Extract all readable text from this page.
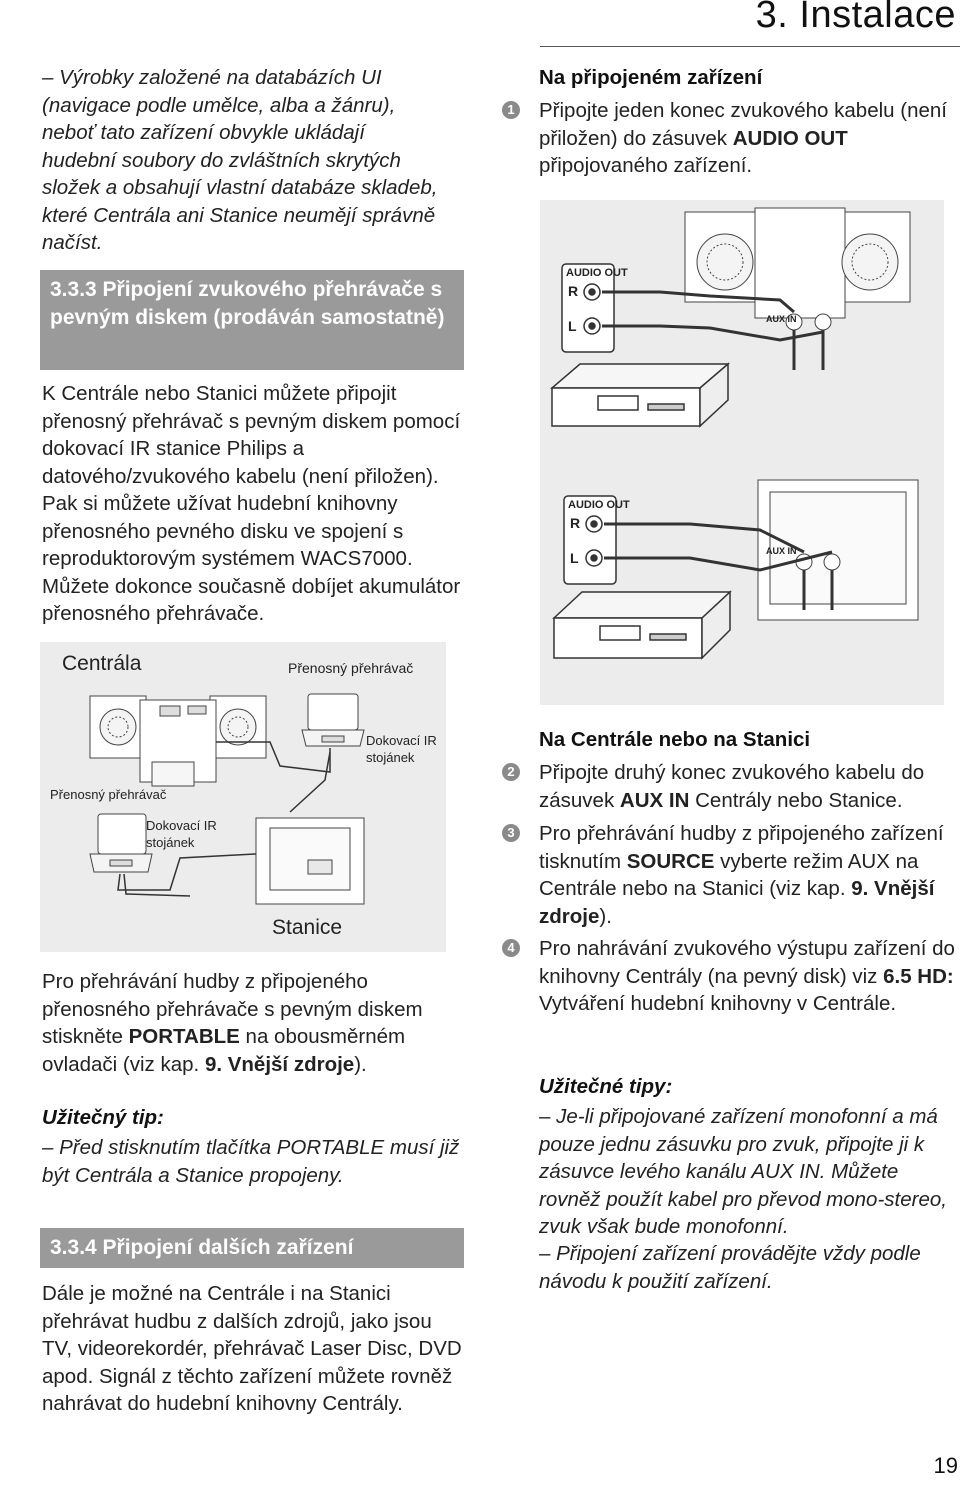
3. Instalace
– Výrobky založené na databázích UI (navigace podle umělce, alba a žánru), neboť tato zařízení obvykle ukládají hudební soubory do zvláštních skrytých složek a obsahují vlastní databáze skladeb, které Centrála ani Stanice neumějí správně načíst.
3.3.3 Připojení zvukového přehrávače s pevným diskem (prodáván samostatně)
K Centrále nebo Stanici můžete připojit přenosný přehrávač s pevným diskem pomocí dokovací IR stanice Philips a datového/zvukového kabelu (není přiložen). Pak si můžete užívat hudební knihovny přenosného pevného disku ve spojení s reproduktorovým systémem WACS7000. Můžete dokonce současně dobíjet akumulátor přenosného přehrávače.
Centrála	Přenosný přehrávač
Dokovací IR stojánek
Přenosný přehrávač
Dokovací IR stojánek
Stanice
Pro přehrávání hudby z připojeného přenosného přehrávače s pevným diskem stiskněte PORTABLE na obousměrném ovladači (viz kap. 9. Vnější zdroje).
Užitečný tip:
– Před stisknutím tlačítka PORTABLE musí již být Centrála a Stanice propojeny.
3.3.4 Připojení dalších zařízení
Dále je možné na Centrále i na Stanici přehrávat hudbu z dalších zdrojů, jako jsou TV, videorekordér, přehrávač Laser Disc, DVD apod. Signál z těchto zařízení můžete rovněž nahrávat do hudební knihovny Centrály.
Na připojeném zařízení
1 Připojte jeden konec zvukového kabelu (není přiložen) do zásuvek AUDIO OUT připojovaného zařízení.
AUDIO OUT
R
L	AUX IN
AUDIO OUT
R
L	AUX IN
Na Centrále nebo na Stanici
2 Připojte druhý konec zvukového kabelu do zásuvek AUX IN Centrály nebo Stanice.
3 Pro přehrávání hudby z připojeného zařízení tisknutím SOURCE vyberte režim AUX na Centrále nebo na Stanici (viz kap. 9. Vnější zdroje).
4 Pro nahrávání zvukového výstupu zařízení do knihovny Centrály (na pevný disk) viz 6.5 HD: Vytváření hudební knihovny v Centrále.
Užitečné tipy:
– Je-li připojované zařízení monofonní a má pouze jednu zásuvku pro zvuk, připojte ji k zásuvce levého kanálu AUX IN. Můžete rovněž použít kabel pro převod mono-stereo, zvuk však bude monofonní.
– Připojení zařízení provádějte vždy podle návodu k použití zařízení.
19
